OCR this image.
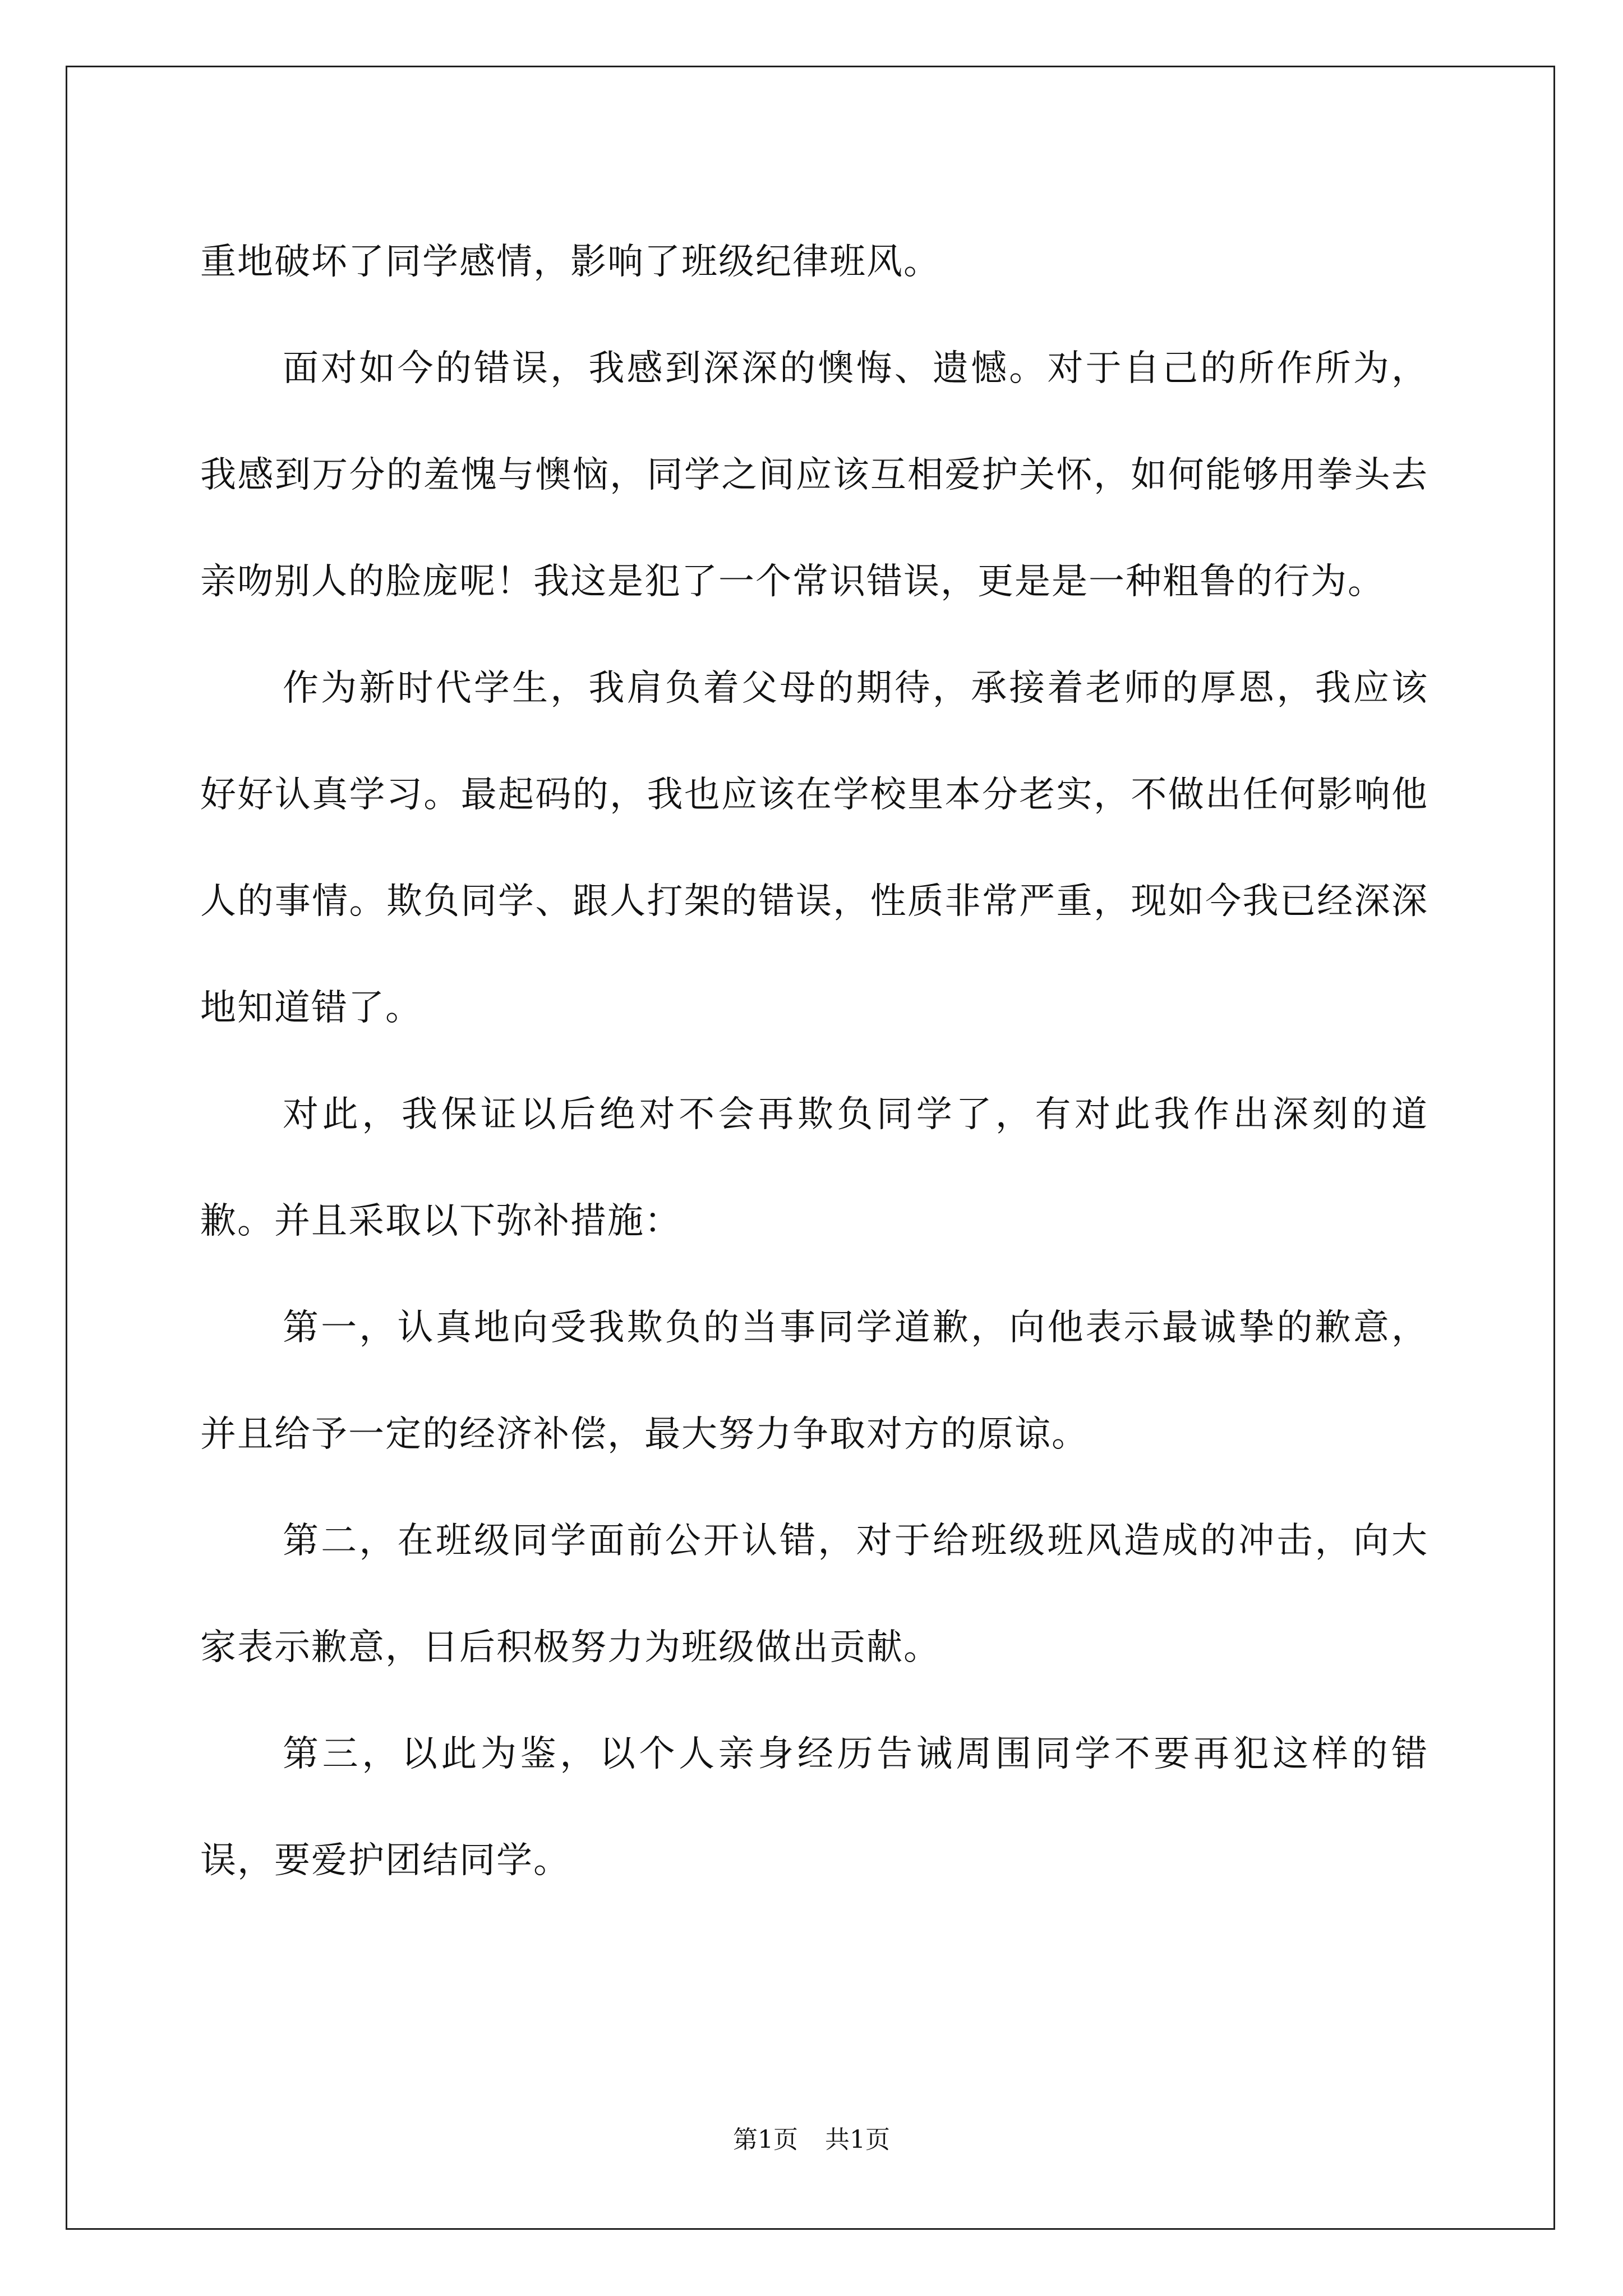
重地破坏了同学感情，影响了班级纪律班风。

面对如今的错误，我感到深深的懊悔、遗憾。对于自己的所作所为，我感到万分的羞愧与懊恼，同学之间应该互相爱护关怀，如何能够用拳头去亲吻别人的脸庞呢！我这是犯了一个常识错误，更是是一种粗鲁的行为。

作为新时代学生，我肩负着父母的期待，承接着老师的厚恩，我应该好好认真学习。最起码的，我也应该在学校里本分老实，不做出任何影响他人的事情。欺负同学、跟人打架的错误，性质非常严重，现如今我已经深深地知道错了。

对此，我保证以后绝对不会再欺负同学了，有对此我作出深刻的道歉。并且采取以下弥补措施：

第一，认真地向受我欺负的当事同学道歉，向他表示最诚挚的歉意，并且给予一定的经济补偿，最大努力争取对方的原谅。

第二，在班级同学面前公开认错，对于给班级班风造成的冲击，向大家表示歉意，日后积极努力为班级做出贡献。

第三，以此为鉴，以个人亲身经历告诫周围同学不要再犯这样的错误，要爱护团结同学。

第1页 共1页
